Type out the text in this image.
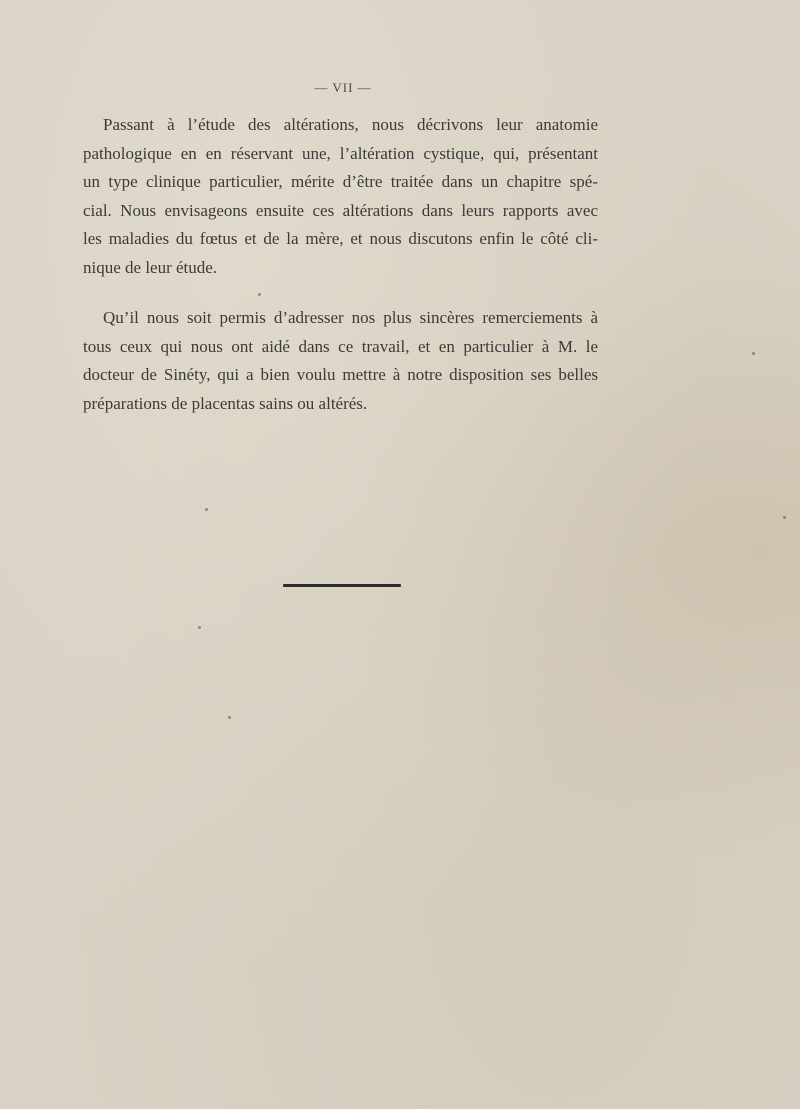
— VII —
Passant à l’étude des altérations, nous décrivons leur anatomie
pathologique en en réservant une, l’altération cystique, qui, présentant
un type clinique particulier, mérite d’être traitée dans un chapitre spé-
cial. Nous envisageons ensuite ces altérations dans leurs rapports avec
les maladies du fœtus et de la mère, et nous discutons enfin le côté cli-
nique de leur étude.
Qu’il nous soit permis d’adresser nos plus sincères remerciements à
tous ceux qui nous ont aidé dans ce travail, et en particulier à M. le
docteur de Sinéty, qui a bien voulu mettre à notre disposition ses belles
préparations de placentas sains ou altérés.
